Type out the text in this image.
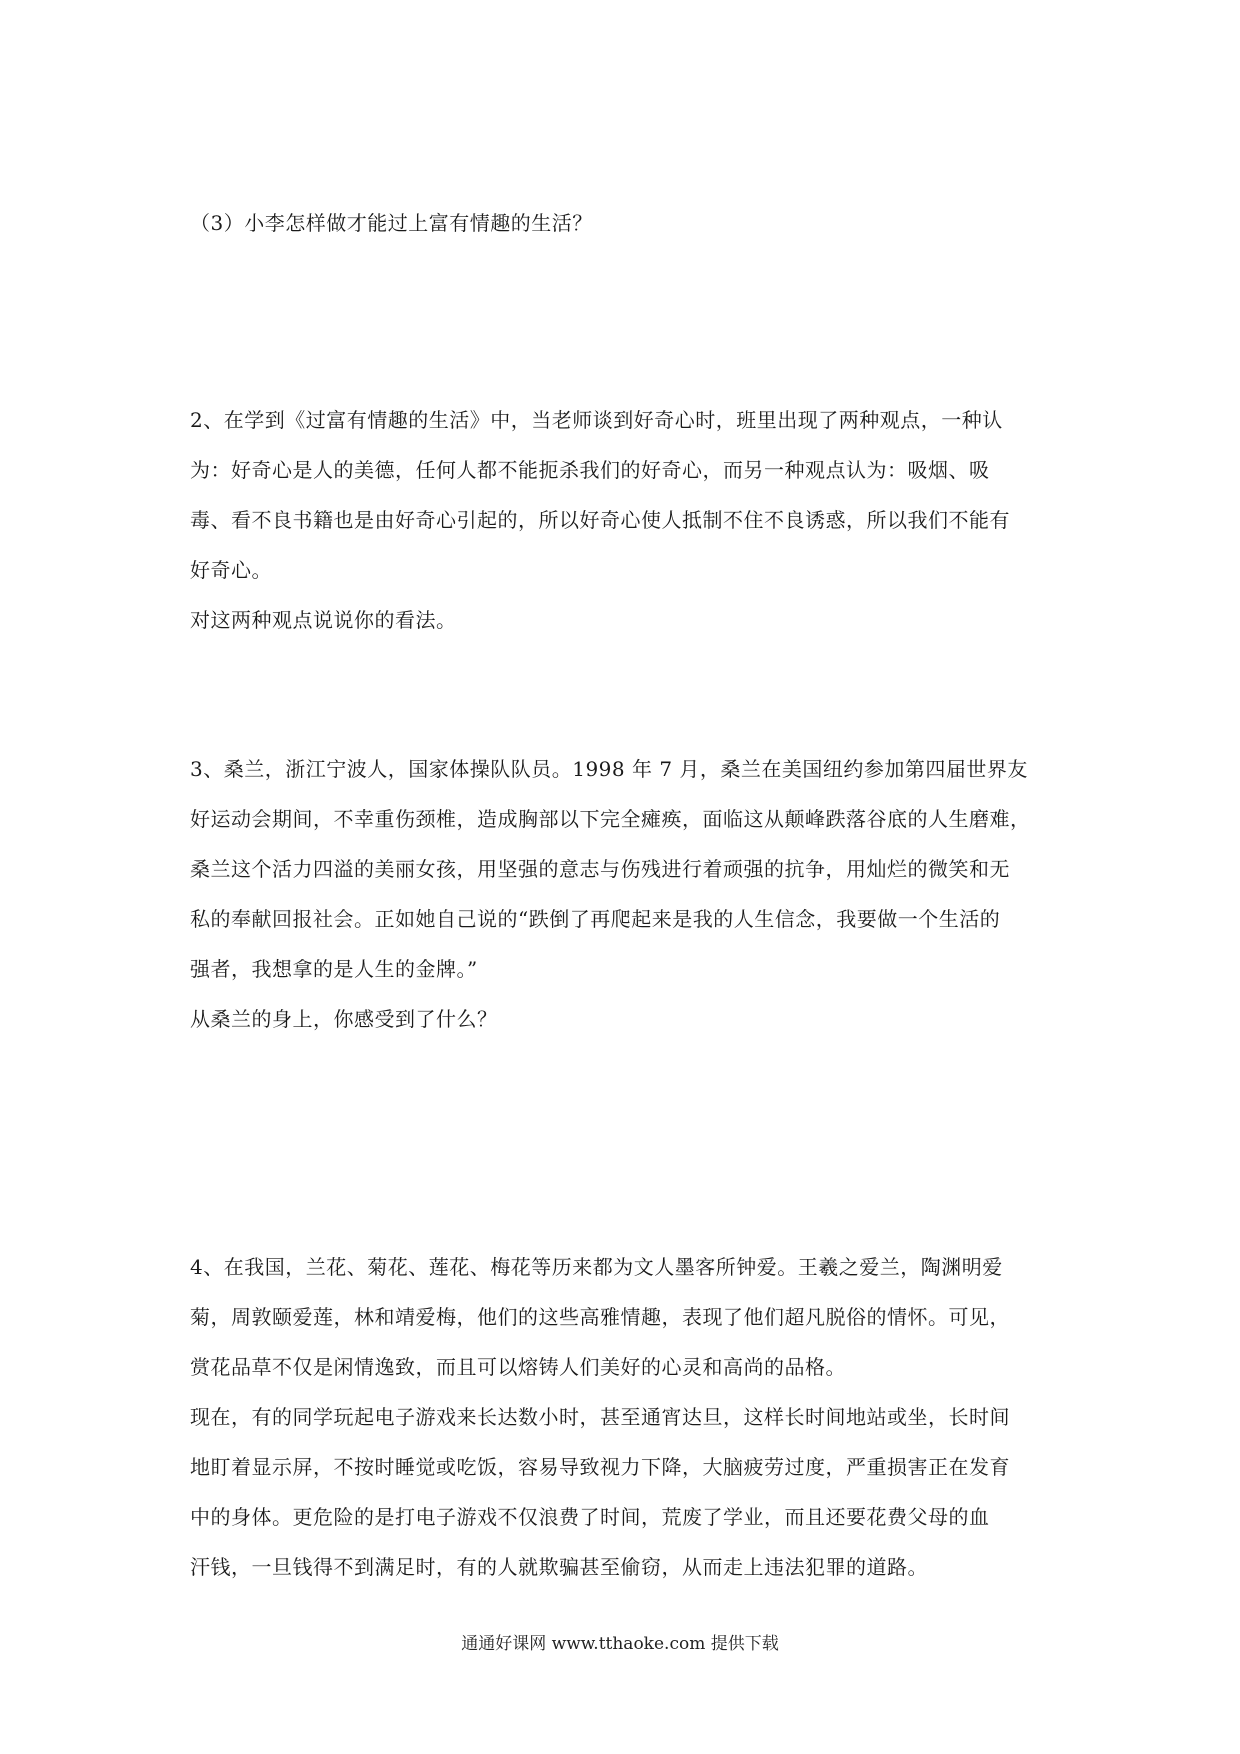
（3）小李怎样做才能过上富有情趣的生活？
2、在学到《过富有情趣的生活》中，当老师谈到好奇心时，班里出现了两种观点，一种认
为：好奇心是人的美德，任何人都不能扼杀我们的好奇心，而另一种观点认为：吸烟、吸
毒、看不良书籍也是由好奇心引起的，所以好奇心使人抵制不住不良诱惑，所以我们不能有
好奇心。
对这两种观点说说你的看法。
3、桑兰，浙江宁波人，国家体操队队员。1998 年 7 月，桑兰在美国纽约参加第四届世界友
好运动会期间，不幸重伤颈椎，造成胸部以下完全瘫痪，面临这从颠峰跌落谷底的人生磨难，
桑兰这个活力四溢的美丽女孩，用坚强的意志与伤残进行着顽强的抗争，用灿烂的微笑和无
私的奉献回报社会。正如她自己说的“跌倒了再爬起来是我的人生信念，我要做一个生活的
强者，我想拿的是人生的金牌。”
从桑兰的身上，你感受到了什么？
4、在我国，兰花、菊花、莲花、梅花等历来都为文人墨客所钟爱。王羲之爱兰，陶渊明爱
菊，周敦颐爱莲，林和靖爱梅，他们的这些高雅情趣，表现了他们超凡脱俗的情怀。可见，
赏花品草不仅是闲情逸致，而且可以熔铸人们美好的心灵和高尚的品格。
现在，有的同学玩起电子游戏来长达数小时，甚至通宵达旦，这样长时间地站或坐，长时间
地盯着显示屏，不按时睡觉或吃饭，容易导致视力下降，大脑疲劳过度，严重损害正在发育
中的身体。更危险的是打电子游戏不仅浪费了时间，荒废了学业，而且还要花费父母的血
汗钱，一旦钱得不到满足时，有的人就欺骗甚至偷窃，从而走上违法犯罪的道路。
通通好课网 www.tthaoke.com 提供下载
